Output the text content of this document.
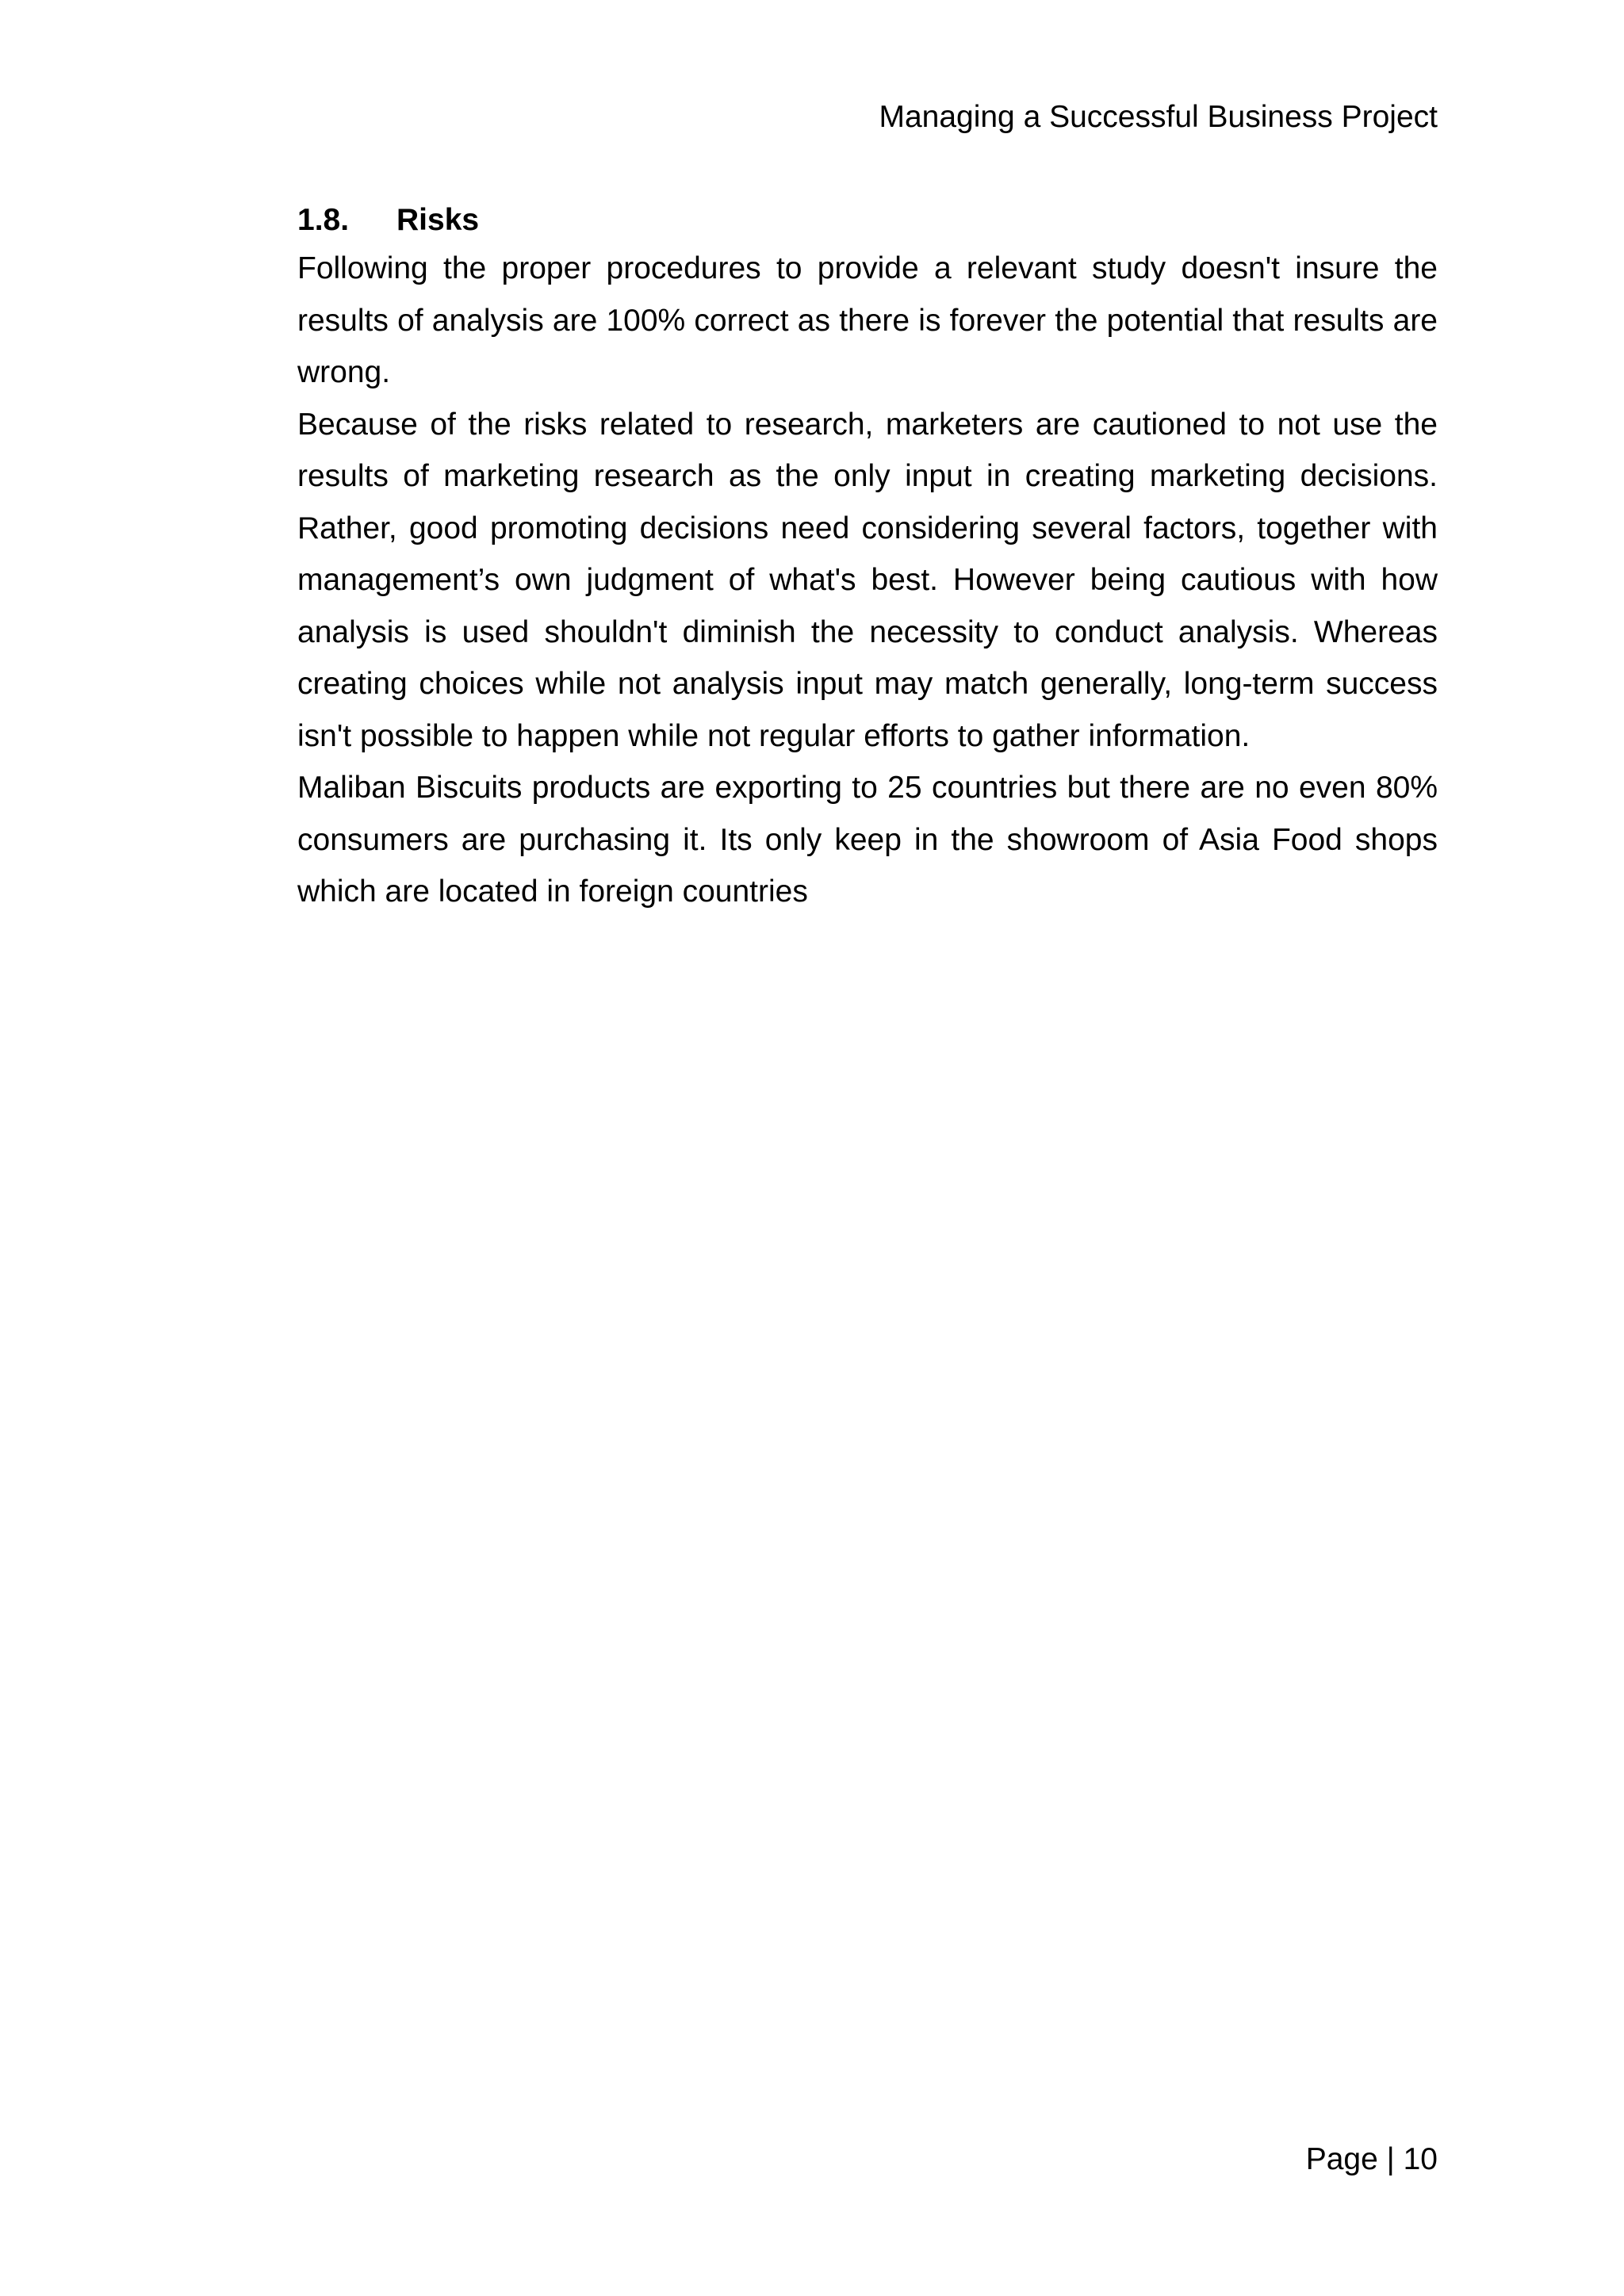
Managing a Successful Business Project
1.8.	Risks

Following the proper procedures to provide a relevant study doesn't insure the results of analysis are 100% correct as there is forever the potential that results are wrong.

Because of the risks related to research, marketers are cautioned to not use the results of marketing research as the only input in creating marketing decisions. Rather, good promoting decisions need considering several factors, together with management’s own judgment of what's best. However being cautious with how analysis is used shouldn't diminish the necessity to conduct analysis. Whereas creating choices while not analysis input may match generally, long-term success isn't possible to happen while not regular efforts to gather information.

Maliban Biscuits products are exporting to 25 countries but there are no even 80% consumers are purchasing it. Its only keep in the showroom of Asia Food shops which are located in foreign countries

Page | 10
